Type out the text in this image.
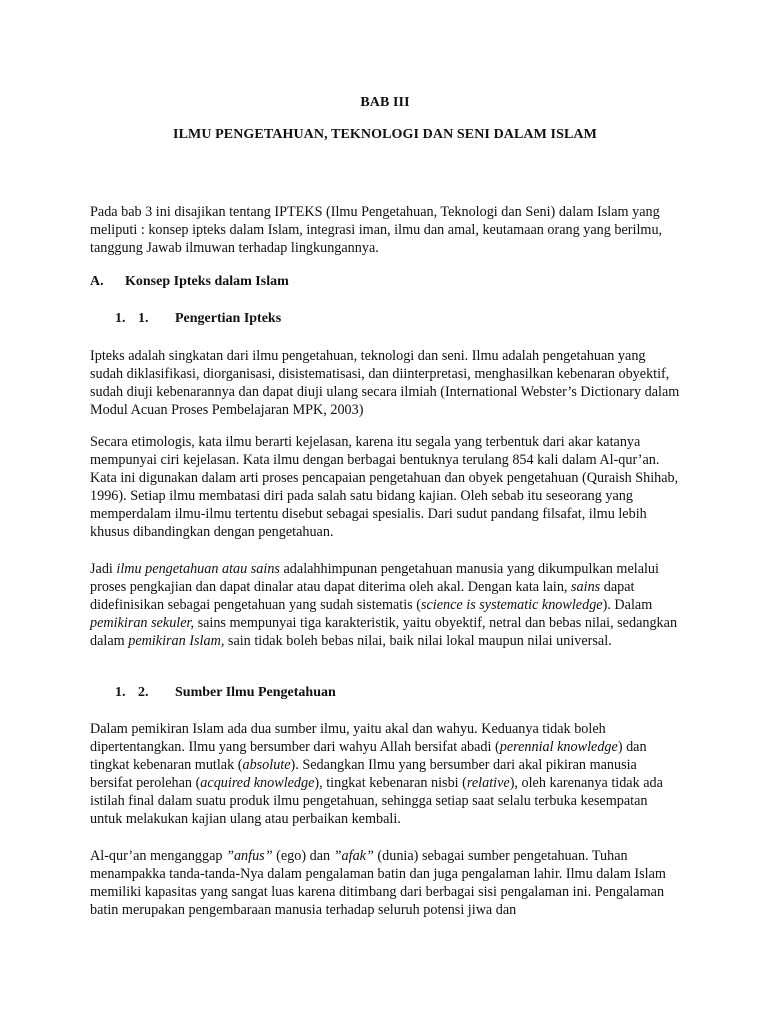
BAB III
ILMU PENGETAHUAN, TEKNOLOGI DAN SENI DALAM ISLAM

Pada bab 3 ini disajikan tentang IPTEKS (Ilmu Pengetahuan, Teknologi dan Seni) dalam Islam yang meliputi : konsep ipteks dalam Islam, integrasi iman, ilmu dan amal, keutamaan orang yang berilmu, tanggung Jawab ilmuwan terhadap lingkungannya.

A. Konsep Ipteks dalam Islam
1. 1. Pengertian Ipteks

Ipteks adalah singkatan dari ilmu pengetahuan, teknologi dan seni. Ilmu adalah pengetahuan yang sudah diklasifikasi, diorganisasi, disistematisasi, dan diinterpretasi, menghasilkan kebenaran obyektif, sudah diuji kebenarannya dan dapat diuji ulang secara ilmiah (International Webster’s Dictionary dalam Modul Acuan Proses Pembelajaran MPK, 2003)

Secara etimologis, kata ilmu berarti kejelasan, karena itu segala yang terbentuk dari akar katanya mempunyai ciri kejelasan. Kata ilmu dengan berbagai bentuknya terulang 854 kali dalam Al-qur’an. Kata ini digunakan dalam arti proses pencapaian pengetahuan dan obyek pengetahuan (Quraish Shihab, 1996). Setiap ilmu membatasi diri pada salah satu bidang kajian. Oleh sebab itu seseorang yang memperdalam ilmu-ilmu tertentu disebut sebagai spesialis. Dari sudut pandang filsafat, ilmu lebih khusus dibandingkan dengan pengetahuan.

Jadi ilmu pengetahuan atau sains adalahhimpunan pengetahuan manusia yang dikumpulkan melalui proses pengkajian dan dapat dinalar atau dapat diterima oleh akal. Dengan kata lain, sains dapat didefinisikan sebagai pengetahuan yang sudah sistematis (science is systematic knowledge). Dalam pemikiran sekuler, sains mempunyai tiga karakteristik, yaitu obyektif, netral dan bebas nilai, sedangkan dalam pemikiran Islam, sain tidak boleh bebas nilai, baik nilai lokal maupun nilai universal.

1. 2. Sumber Ilmu Pengetahuan

Dalam pemikiran Islam ada dua sumber ilmu, yaitu akal dan wahyu. Keduanya tidak boleh dipertentangkan. Ilmu yang bersumber dari wahyu Allah bersifat abadi (perennial knowledge) dan tingkat kebenaran mutlak (absolute). Sedangkan Ilmu yang bersumber dari akal pikiran manusia bersifat perolehan (acquired knowledge), tingkat kebenaran nisbi (relative), oleh karenanya tidak ada istilah final dalam suatu produk ilmu pengetahuan, sehingga setiap saat selalu terbuka kesempatan untuk melakukan kajian ulang atau perbaikan kembali.

Al-qur’an menganggap ”anfus” (ego) dan ”afak” (dunia) sebagai sumber pengetahuan. Tuhan menampakka tanda-tanda-Nya dalam pengalaman batin dan juga pengalaman lahir. Ilmu dalam Islam memiliki kapasitas yang sangat luas karena ditimbang dari berbagai sisi pengalaman ini. Pengalaman batin merupakan pengembaraan manusia terhadap seluruh potensi jiwa dan
